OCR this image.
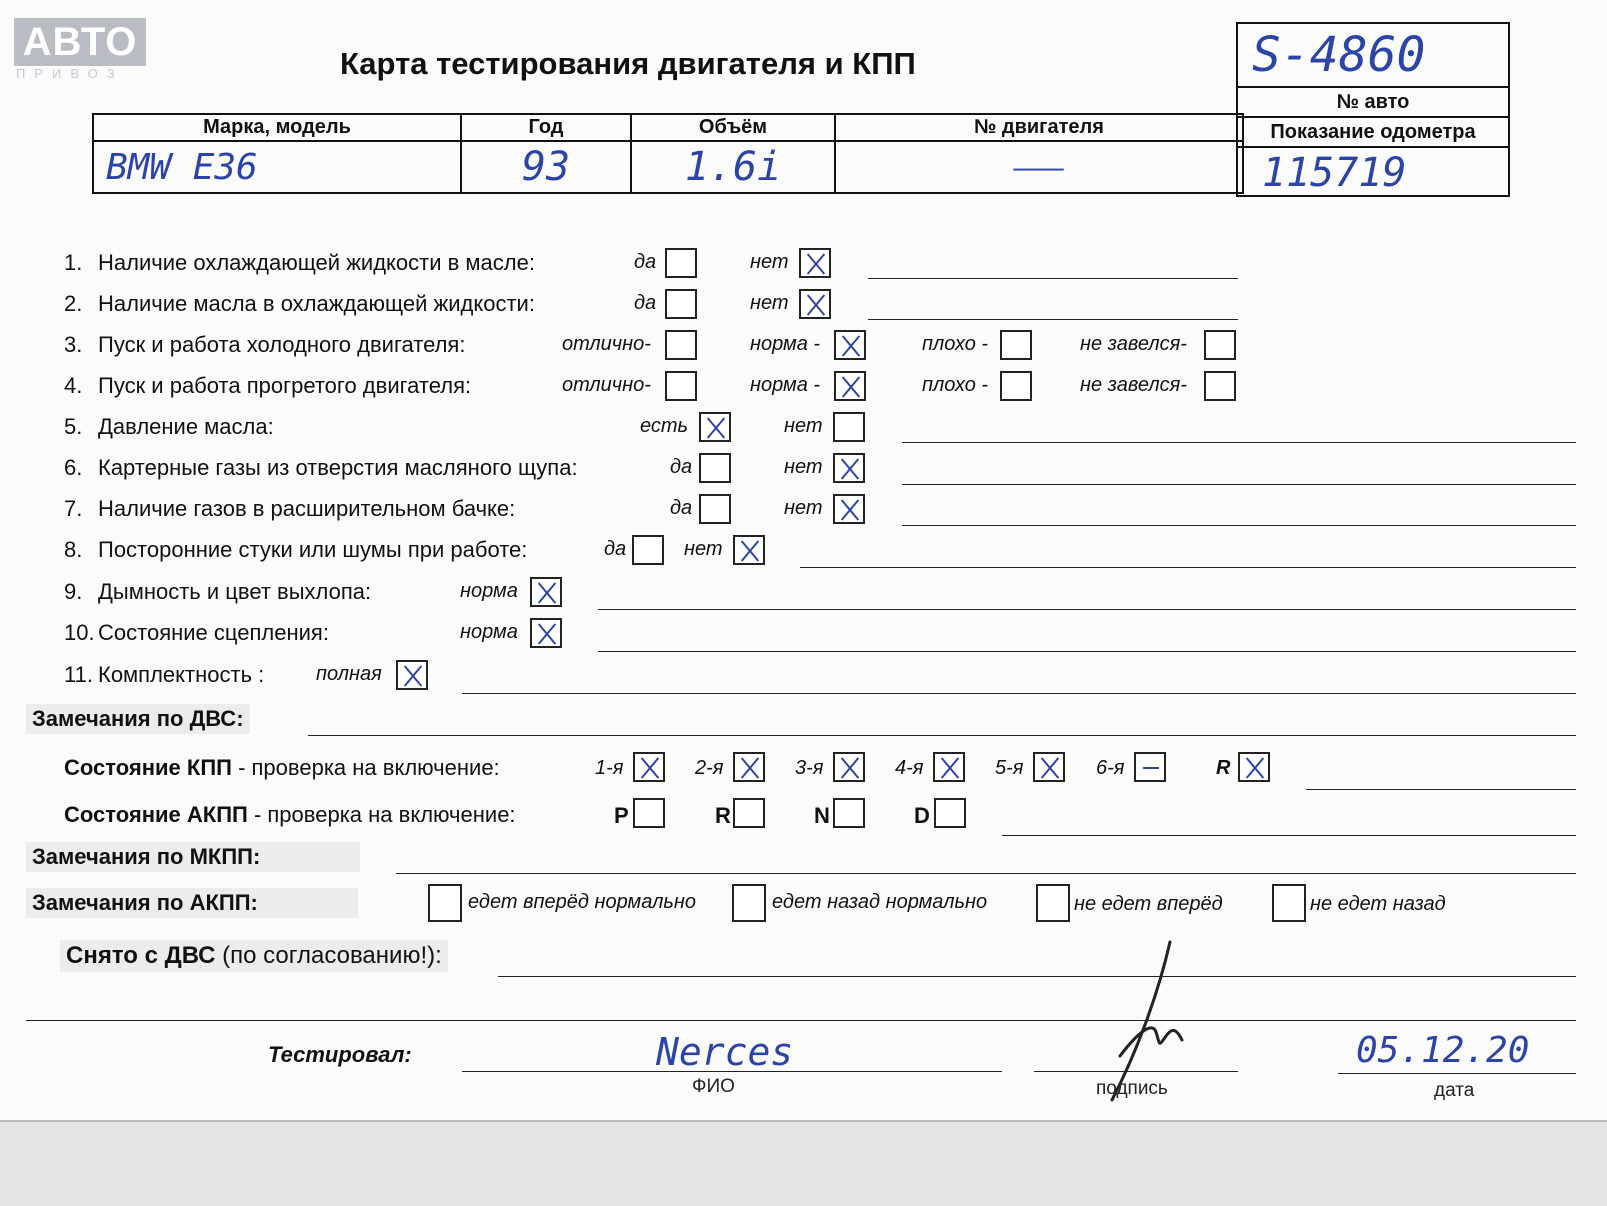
АВТО
ПРИВОЗ	Карта тестирования двигателя и КПП
Марка, модель	Год	Объём	№ двигателя
BMW E36	93	1.6i	———
S-4860
№ авто
Показание одометра
115719
1. Наличие охлаждающей жидкости в масле:	да	нет
2. Наличие масла в охлаждающей жидкости:	да	нет
3. Пуск и работа холодного двигателя:	отлично-	норма -	плохо -	не завелся-
4. Пуск и работа прогретого двигателя:	отлично-	норма -	плохо -	не завелся-
5. Давление масла:	есть	нет
6. Картерные газы из отверстия масляного щупа:	да	нет
7. Наличие газов в расширительном бачке:	да	нет
8. Посторонние стуки или шумы при работе:	да	нет
9. Дымность и цвет выхлопа:	норма
10. Состояние сцепления:	норма
11. Комплектность :	полная
Замечания по ДВС:
Состояние КПП - проверка на включение:	1-я	2-я	3-я	4-я	5-я	6-я	R
Состояние АКПП - проверка на включение:	P	R	N	D
Замечания по МКПП:
Замечания по АКПП:	едет вперёд нормально	едет назад нормально	не едет вперёд	не едет назад
Снято с ДВС (по согласованию!):
Тестировал:	Nerces
ФИО	подпись
05.12.20
дата
